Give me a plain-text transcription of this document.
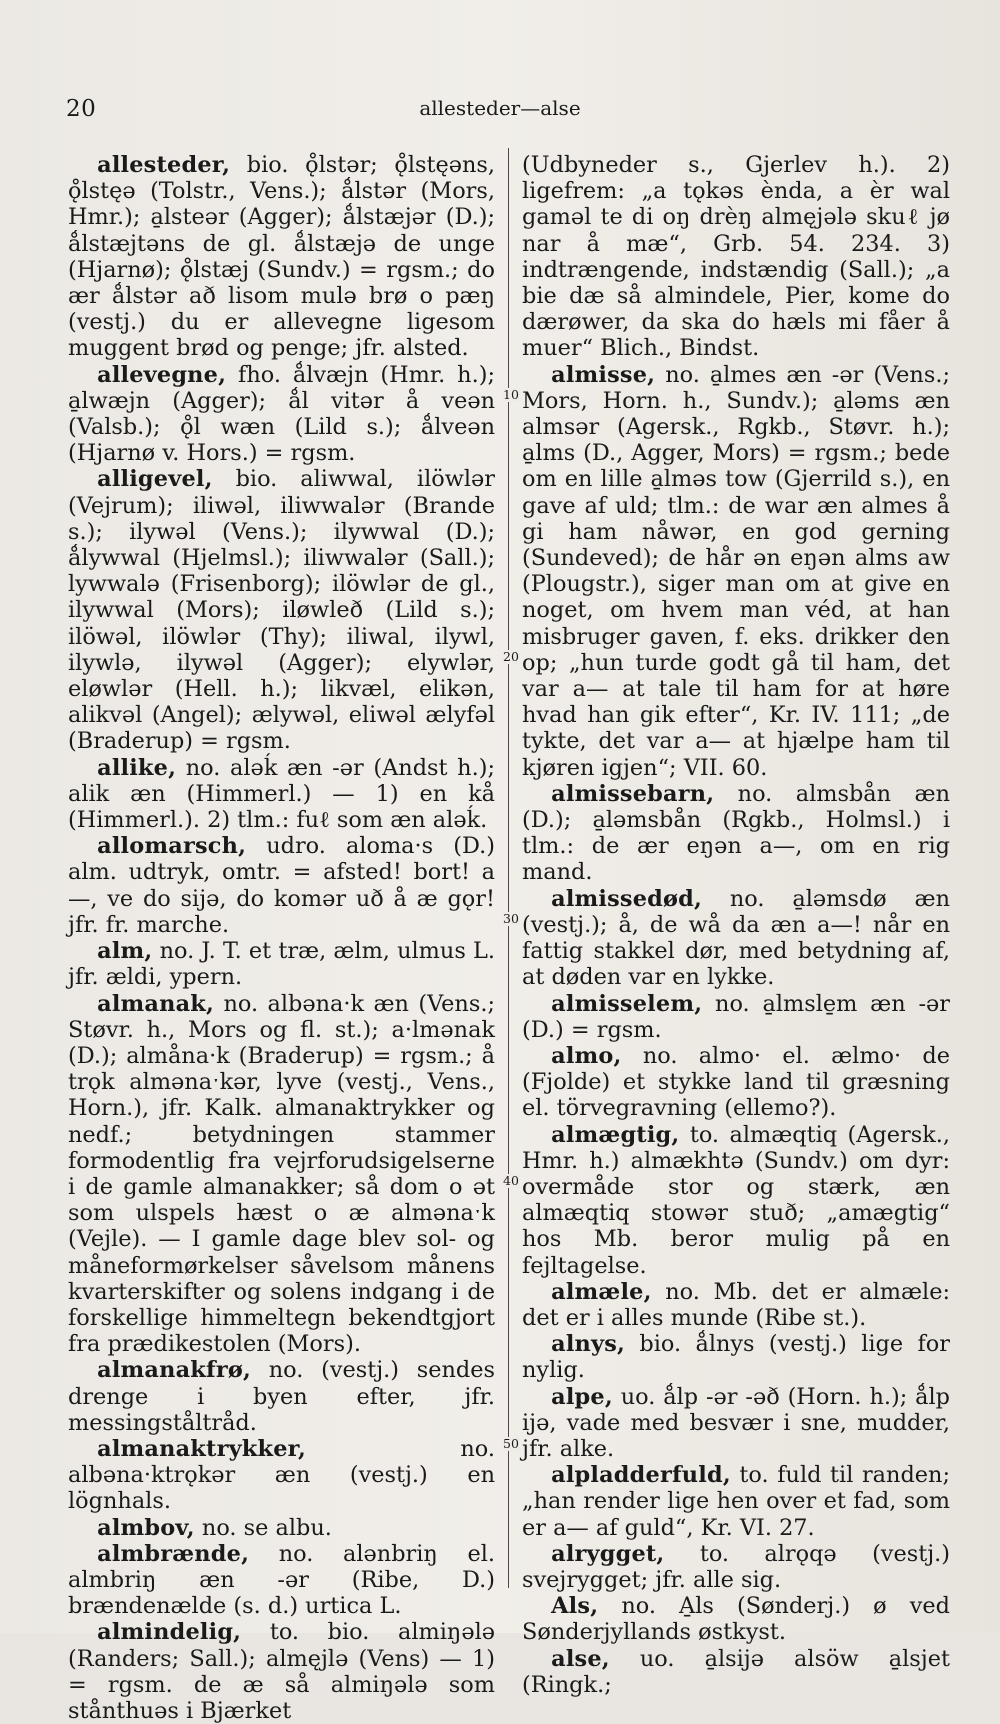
20	allesteder—alse

allesteder, bio. ǫ̊lstər; ǫ̊lstęəns, ǫ̊lstęə (Tolstr., Vens.); ǻlstər (Mors, Hmr.); a̱lsteər (Agger); ǻlstæjər (D.); ǻlstæjtəns de gl. ǻlstæjə de unge (Hjarnø); ǫ̊lstæj (Sundv.) = rgsm.; do ær ǻlstər að lisom mulə brø o pæŋ (vestj.) du er allevegne ligesom muggent brød og penge; jfr. alsted.

allevegne, fho. ǻlvæjn (Hmr. h.); a̱lwæjn (Agger); ǻl vitər å veən (Valsb.); ǫ̊l wæn (Lild s.); ǻlveən (Hjarnø v. Hors.) = rgsm.

alligevel, bio. aliwwal, ilöwlər (Vejrum); iliwəl, iliwwalər (Brande s.); ilywəl (Vens.); ilywwal (D.); ǻlywwal (Hjelmsl.); iliwwalər (Sall.); lywwalə (Frisenborg); ilöwlər de gl., ilywwal (Mors); iløwleð (Lild s.); ilöwəl, ilöwlər (Thy); iliwal, ilywl, ilywlə, ilywəl (Agger); elywlər, eløwlər (Hell. h.); likvæl, elikən, alikvəl (Angel); ælywəl, eliwəl ælyfəl (Braderup) = rgsm.

allike, no. aləḱ æn -ər (Andst h.); alik æn (Himmerl.) — 1) en kå (Himmerl.). 2) tlm.: fuℓ som æn aləḱ.

allomarsch, udro. aloma·s (D.) alm. udtryk, omtr. = afsted! bort! a—, ve do sijə, do komər uð å æ gǫr! jfr. fr. marche.

alm, no. J. T. et træ, ælm, ulmus L. jfr. ældi, ypern.

almanak, no. albəna·k æn (Vens.; Støvr. h., Mors og fl. st.); a·lmənak (D.); almåna·k (Braderup) = rgsm.; å trǫk almənaˑkər, lyve (vestj., Vens., Horn.), jfr. Kalk. almanaktrykker og nedf.; betydningen stammer formodentlig fra vejrforudsigelserne i de gamle almanakker; så dom o ət som ulspels hæst o æ almənaˑk (Vejle). — I gamle dage blev sol- og måneformørkelser såvelsom månens kvarterskifter og solens indgang i de forskellige himmeltegn bekendtgjort fra prædikestolen (Mors).

almanakfrø, no. (vestj.) sendes drenge i byen efter, jfr. messingståltråd.

almanaktrykker, no. albəna·ktrǫkər æn (vestj.) en lögnhals.

almbov, no. se albu.

almbrænde, no. alənbriŋ el. almbriŋ æn -ər (Ribe, D.) brændenælde (s. d.) urtica L.

almindelig, to. bio. almiŋələ (Randers; Sall.); almęjlə (Vens) — 1) = rgsm. de æ så almiŋələ som stånthuəs i Bjærket

(Udbyneder s., Gjerlev h.). 2) ligefrem: „a tǫkəs ènda, a èr wal gaməl te di oŋ drèŋ almęjələ skuℓ jø nar å mæ“, Grb. 54. 234. 3) indtrængende, indstændig (Sall.); „a bie dæ så almindele, Pier, kome do dærøwer, da ska do hæls mi fåer å muer“ Blich., Bindst.

almisse, no. a̱lmes æn -ər (Vens.; Mors, Horn. h., Sundv.); a̱ləms æn almsər (Agersk., Rgkb., Støvr. h.); a̱lms (D., Agger, Mors) = rgsm.; bede om en lille a̱lməs tow (Gjerrild s.), en gave af uld; tlm.: de war æn almes å gi ham nåwər, en god gerning (Sundeved); de hår ən eŋən alms aw (Plougstr.), siger man om at give en noget, om hvem man véd, at han misbruger gaven, f. eks. drikker den op; „hun turde godt gå til ham, det var a— at tale til ham for at høre hvad han gik efter“, Kr. IV. 111; „de tykte, det var a— at hjælpe ham til kjøren igjen“; VII. 60.

almissebarn, no. almsbån æn (D.); a̱ləmsbån (Rgkb., Holmsl.) i tlm.: de ær eŋən a—, om en rig mand.

almissedød, no. a̱ləmsdø æn (vestj.); å, de wå da æn a—! når en fattig stakkel dør, med betydning af, at døden var en lykke.

almisselem, no. a̱lmsle̱m æn -ər (D.) = rgsm.

almo, no. almo· el. ælmo· de (Fjolde) et stykke land til græsning el. törvegravning (ellemo?).

almægtig, to. almæqtiq (Agersk., Hmr. h.) almækhtə (Sundv.) om dyr: overmåde stor og stærk, æn almæqtiq stowər stuð; „amægtig“ hos Mb. beror mulig på en fejltagelse.

almæle, no. Mb. det er almæle: det er i alles munde (Ribe st.).

alnys, bio. ǻlnys (vestj.) lige for nylig.

alpe, uo. ǻlp -ər -əð (Horn. h.); ǻlp ijə, vade med besvær i sne, mudder, jfr. alke.

alpladderfuld, to. fuld til randen; „han render lige hen over et fad, som er a— af guld“, Kr. VI. 27.

alrygget, to. alrǫqə (vestj.) svejrygget; jfr. alle sig.

Als, no. A̱ls (Sønderj.) ø ved Sønderjyllands østkyst.

alse, uo. a̱lsijə alsöw a̱lsjet (Ringk.;

10
20
30
40
50
